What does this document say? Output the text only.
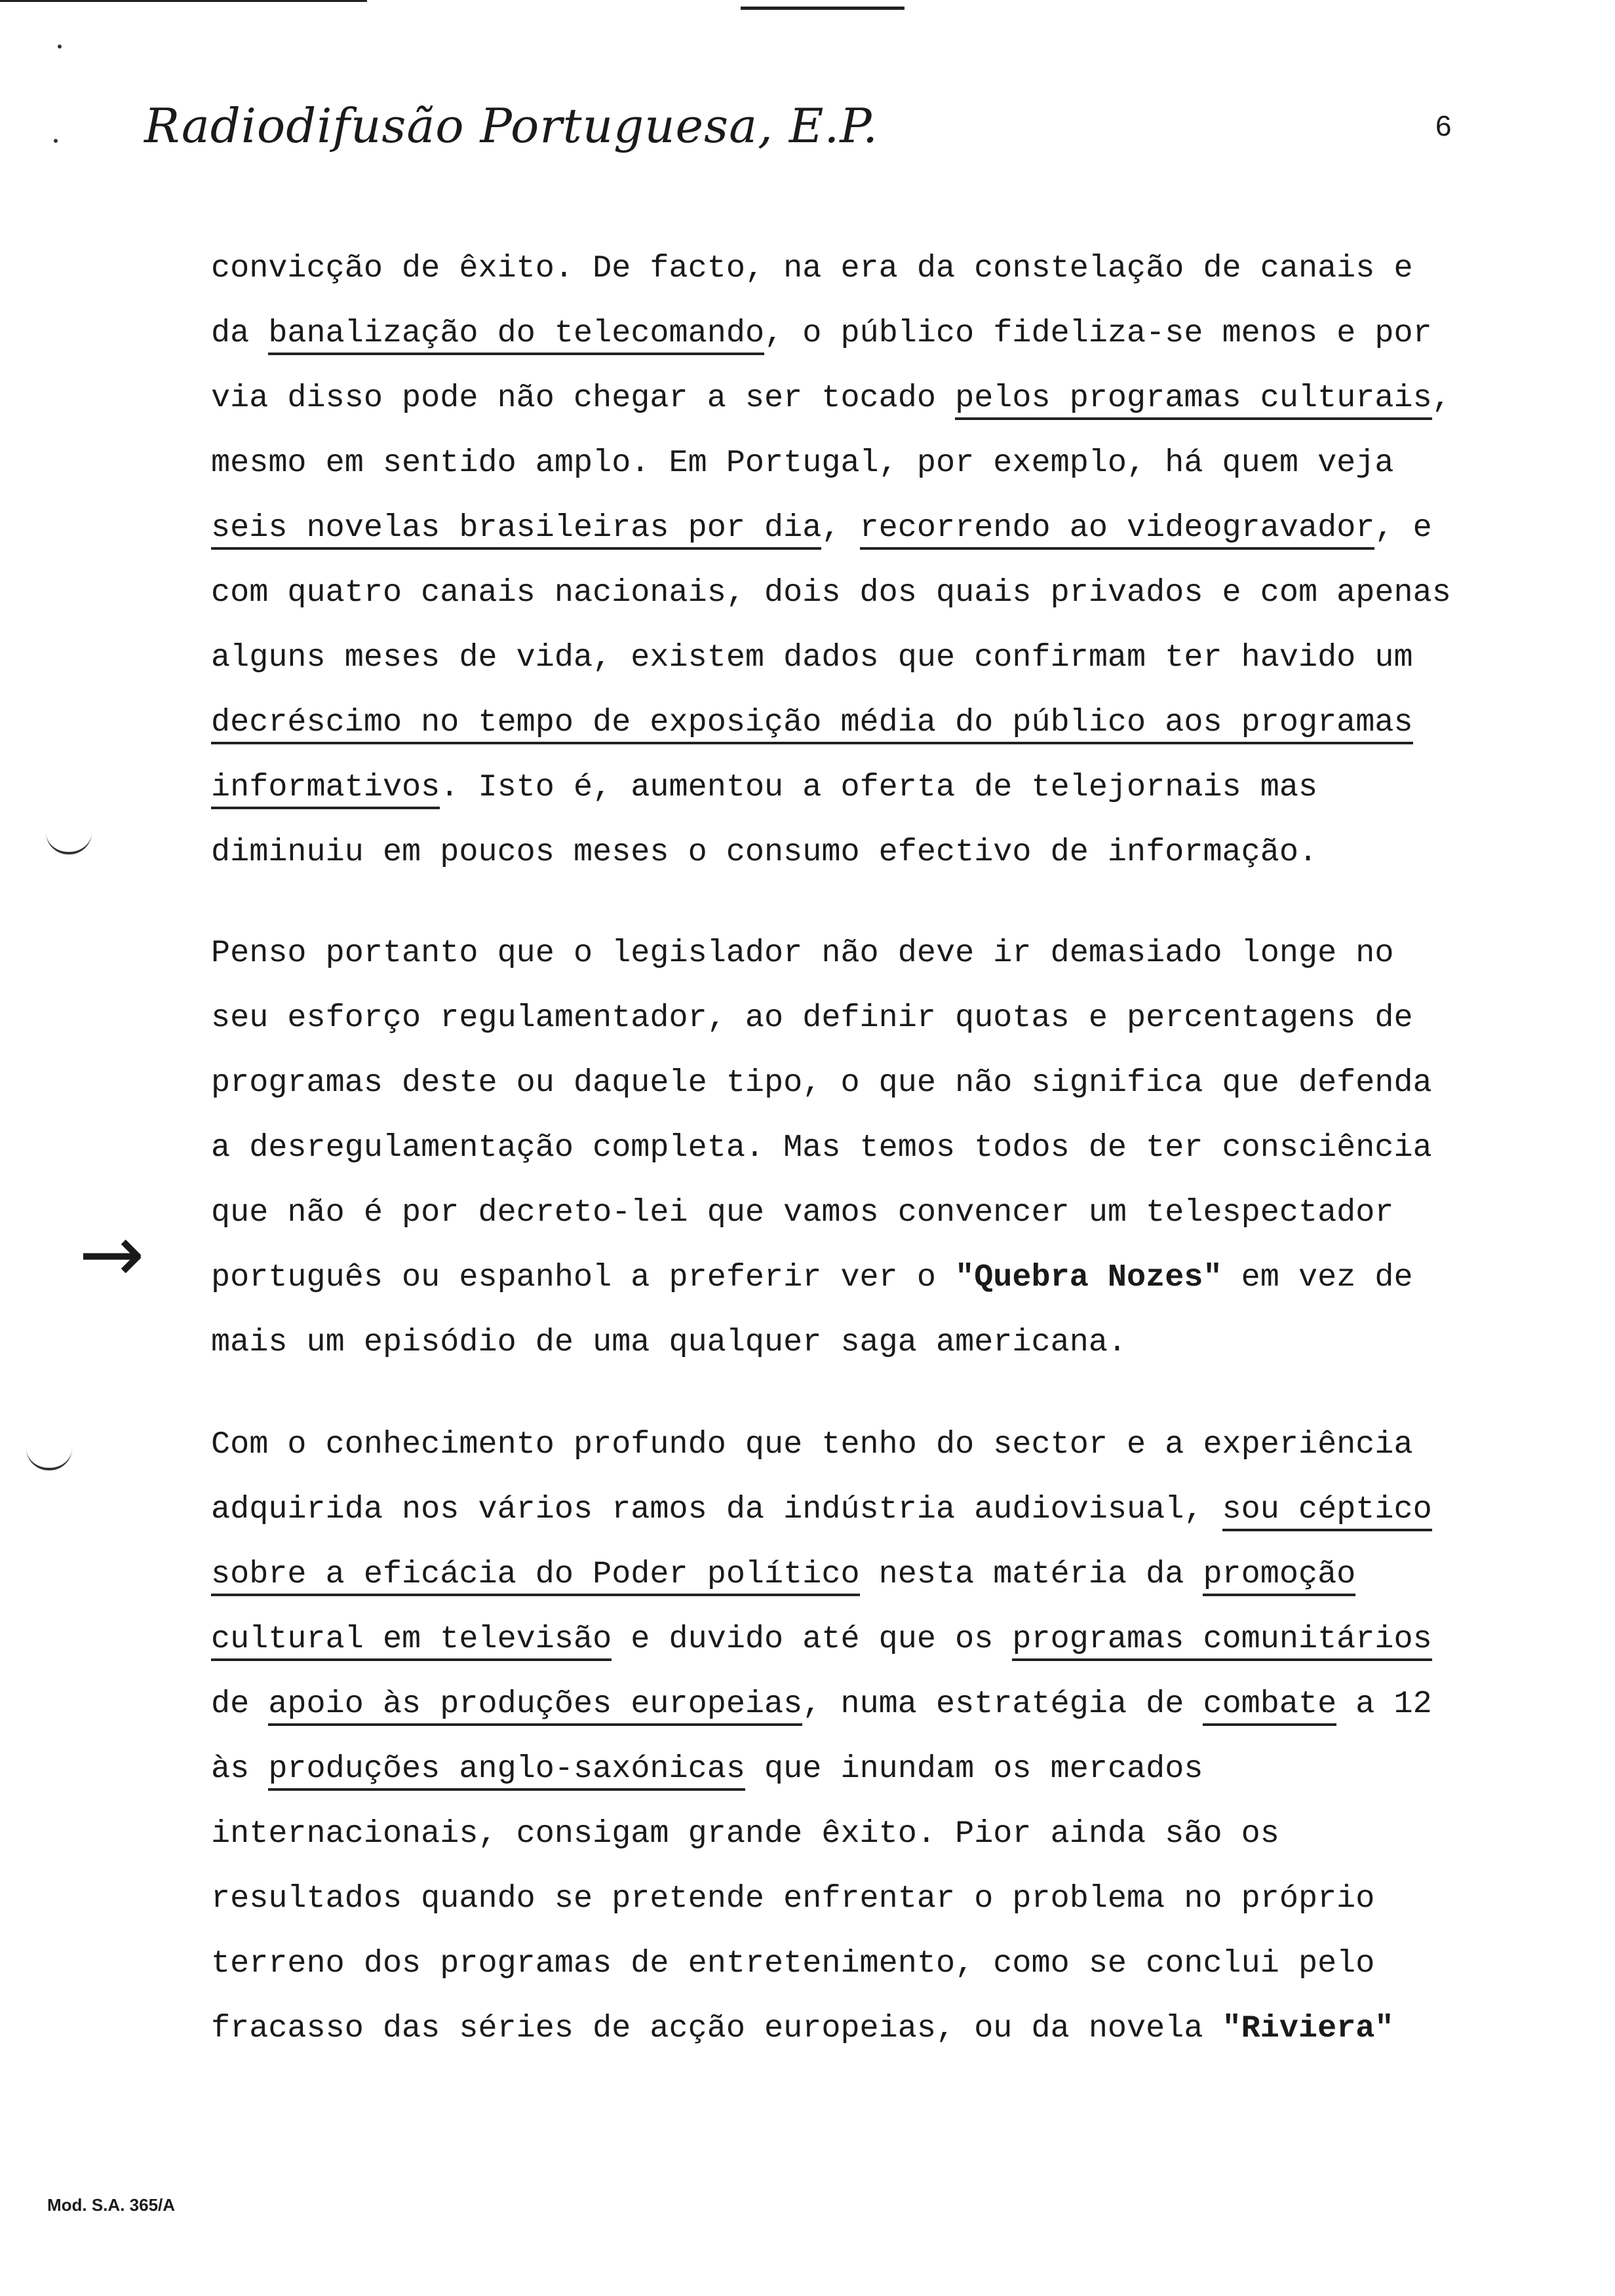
Radiodifusão Portuguesa, E.P.	6
convicção de êxito. De facto, na era da constelação de canais e
da banalização do telecomando, o público fideliza-se menos e por
via disso pode não chegar a ser tocado pelos programas culturais,
mesmo em sentido amplo. Em Portugal, por exemplo, há quem veja
seis novelas brasileiras por dia, recorrendo ao videogravador, e
com quatro canais nacionais, dois dos quais privados e com apenas
alguns meses de vida, existem dados que confirmam ter havido um
decréscimo no tempo de exposição média do público aos programas
informativos. Isto é, aumentou a oferta de telejornais mas
diminuiu em poucos meses o consumo efectivo de informação.
Penso portanto que o legislador não deve ir demasiado longe no
seu esforço regulamentador, ao definir quotas e percentagens de
programas deste ou daquele tipo, o que não significa que defenda
a desregulamentação completa. Mas temos todos de ter consciência
que não é por decreto-lei que vamos convencer um telespectador
português ou espanhol a preferir ver o "Quebra Nozes" em vez de
mais um episódio de uma qualquer saga americana.
Com o conhecimento profundo que tenho do sector e a experiência
adquirida nos vários ramos da indústria audiovisual, sou céptico
sobre a eficácia do Poder político nesta matéria da promoção
cultural em televisão e duvido até que os programas comunitários
de apoio às produções europeias, numa estratégia de combate a 12
às produções anglo-saxónicas que inundam os mercados
internacionais, consigam grande êxito. Pior ainda são os
resultados quando se pretende enfrentar o problema no próprio
terreno dos programas de entretenimento, como se conclui pelo
fracasso das séries de acção europeias, ou da novela "Riviera"
→
Mod. S.A. 365/A
